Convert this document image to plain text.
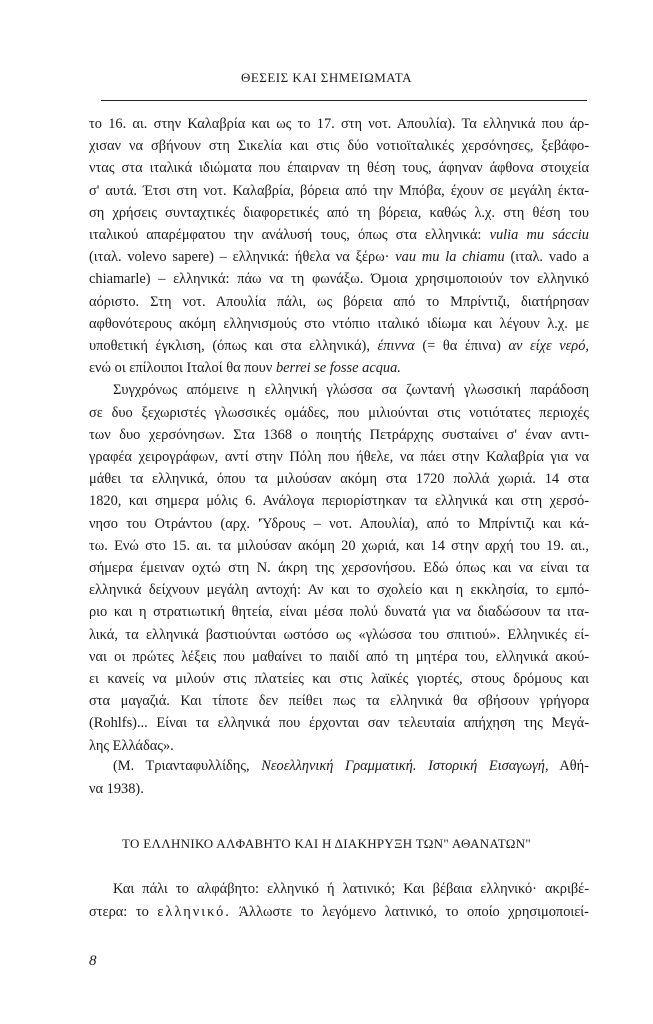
ΘΕΣΕΙΣ ΚΑΙ ΣΗΜΕΙΩΜΑΤΑ
το 16. αι. στην Καλαβρία και ως το 17. στη νοτ. Απουλία). Τα ελληνικά που άρ-
χισαν να σβήνουν στη Σικελία και στις δύο νοτιοϊταλικές χερσόνησες, ξεβάφο-
ντας στα ιταλικά ιδιώματα που έπαιρναν τη θέση τους, άφηναν άφθονα στοιχεία
σ' αυτά. Έτσι στη νοτ. Καλαβρία, βόρεια από την Μπόβα, έχουν σε μεγάλη έκτα-
ση χρήσεις συνταχτικές διαφορετικές από τη βόρεια, καθώς λ.χ. στη θέση του
ιταλικού απαρέμφατου την ανάλυσή τους, όπως στα ελληνικά: vulia mu sácciu
(ιταλ. volevo sapere) – ελληνικά: ήθελα να ξέρω· vau mu la chiamu (ιταλ. vado a
chiamarle) – ελληνικά: πάω να τη φωνάξω. Όμοια χρησιμοποιούν τον ελληνικό
αόριστο. Στη νοτ. Απουλία πάλι, ως βόρεια από το Μπρίντιζι, διατήρησαν
αφθονότερους ακόμη ελληνισμούς στο ντόπιο ιταλικό ιδίωμα και λέγουν λ.χ. με
υποθετική έγκλιση, (όπως και στα ελληνικά), έπιννα (= θα έπινα) αν είχε νερό,
ενώ οι επίλοιποι Ιταλοί θα πουν berrei se fosse acqua.
Συγχρόνως απόμεινε η ελληνική γλώσσα σα ζωντανή γλωσσική παράδοση
σε δυο ξεχωριστές γλωσσικές ομάδες, που μιλιούνται στις νοτιότατες περιοχές
των δυο χερσόνησων. Στα 1368 ο ποιητής Πετράρχης συσταίνει σ' έναν αντι-
γραφέα χειρογράφων, αντί στην Πόλη που ήθελε, να πάει στην Καλαβρία για να
μάθει τα ελληνικά, όπου τα μιλούσαν ακόμη στα 1720 πολλά χωριά. 14 στα
1820, και σημερα μόλις 6. Ανάλογα περιορίστηκαν τα ελληνικά και στη χερσό-
νησο του Οτράντου (αρχ. 'Ύδρους – νοτ. Απουλία), από το Μπρίντιζι και κά-
τω. Ενώ στο 15. αι. τα μιλούσαν ακόμη 20 χωριά, και 14 στην αρχή του 19. αι.,
σήμερα έμειναν οχτώ στη Ν. άκρη της χερσονήσου. Εδώ όπως και να είναι τα
ελληνικά δείχνουν μεγάλη αντοχή: Αν και το σχολείο και η εκκλησία, το εμπό-
ριο και η στρατιωτική θητεία, είναι μέσα πολύ δυνατά για να διαδώσουν τα ιτα-
λικά, τα ελληνικά βαστιούνται ωστόσο ως «γλώσσα του σπιτιού». Ελληνικές εί-
ναι οι πρώτες λέξεις που μαθαίνει το παιδί από τη μητέρα του, ελληνικά ακού-
ει κανείς να μιλούν στις πλατείες και στις λαϊκές γιορτές, στους δρόμους και
στα μαγαζιά. Και τίποτε δεν πείθει πως τα ελληνικά θα σβήσουν γρήγορα
(Rohlfs)... Είναι τα ελληνικά που έρχονται σαν τελευταία απήχηση της Μεγά-
λης Ελλάδας».
(Μ. Τριανταφυλλίδης, Νεοελληνική Γραμματική. Ιστορική Εισαγωγή, Αθή-
να 1938).
ΤΟ ΕΛΛΗΝΙΚΟ ΑΛΦΑΒΗΤΟ ΚΑΙ Η ΔΙΑΚΗΡΥΞΗ ΤΩΝ" ΑΘΑΝΑΤΩΝ"
Και πάλι το αλφάβητο: ελληνικό ή λατινικό; Και βέβαια ελληνικό· ακριβέ-
στερα: το ελληνικό. Άλλωστε το λεγόμενο λατινικό, το οποίο χρησιμοποιεί-
8
